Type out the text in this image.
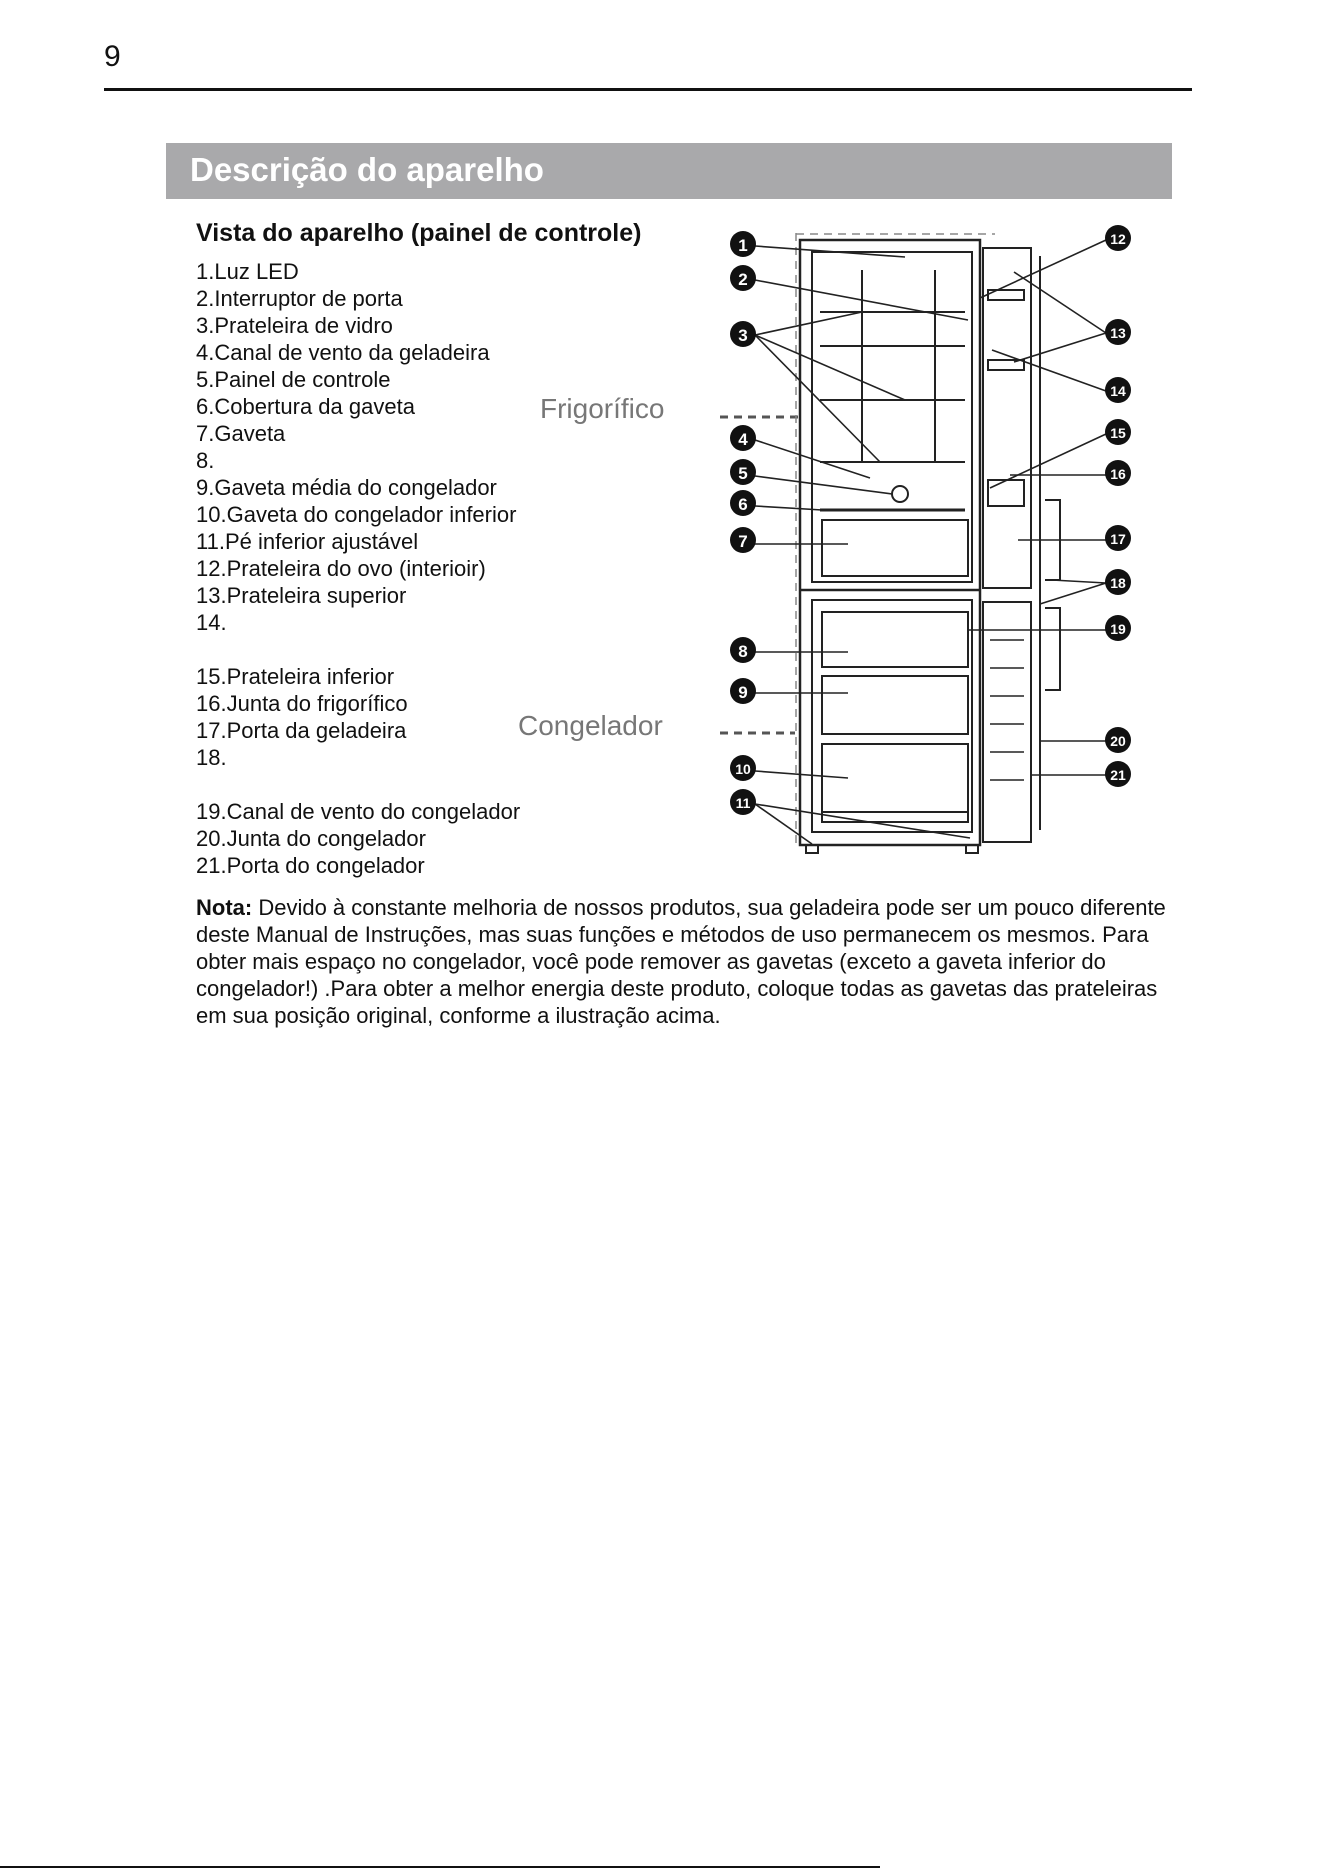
9
Descrição do aparelho
Vista do aparelho (painel de controle)
1.Luz LED
2.Interruptor de porta
3.Prateleira de vidro
4.Canal de vento da geladeira
5.Painel de controle
6.Cobertura da gaveta
7.Gaveta
8.
9.Gaveta média do congelador
10.Gaveta do congelador inferior
11.Pé inferior ajustável
12.Prateleira do ovo (interioir)
13.Prateleira superior
14.
15.Prateleira inferior
16.Junta do frigorífico
17.Porta da geladeira
18.
19.Canal de vento do congelador
20.Junta do congelador
21.Porta do congelador
Frigorífico
Congelador
1
2
3
4
5
6
7
8
9
10
11
12
13
14
15
16
17
18
19
20
21

Nota: Devido à constante melhoria de nossos produtos, sua geladeira pode ser um pouco diferente deste Manual de Instruções, mas suas funções e métodos de uso permanecem os mesmos. Para obter mais espaço no congelador, você pode remover as gavetas (exceto a gaveta inferior do congelador!) .Para obter a melhor energia deste produto, coloque todas as gavetas das prateleiras em sua posição original, conforme a ilustração acima.
